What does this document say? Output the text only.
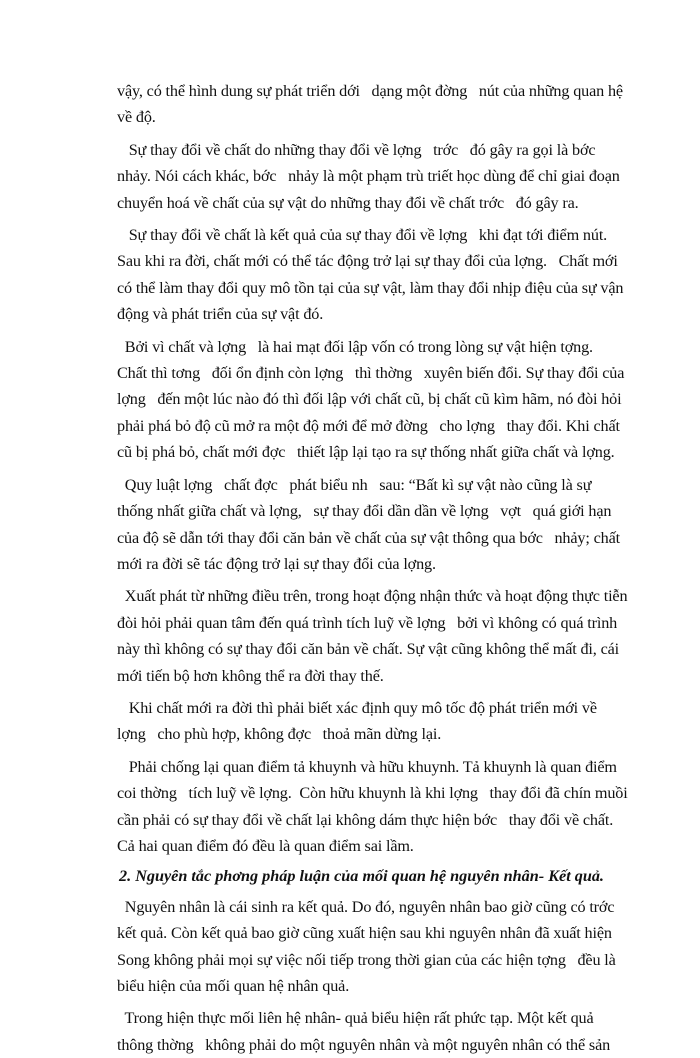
vậy, có thể hình dung sự phát triển dới   dạng một đờng   nút của những quan hệ
về độ.

Sự thay đổi về chất do những thay đổi về lợng   trớc   đó gây ra gọi là bớc
nhảy. Nói cách khác, bớc   nhảy là một phạm trù triết học dùng để chỉ giai đoạn
chuyển hoá về chất của sự vật do những thay đổi về chất trớc   đó gây ra.

Sự thay đổi về chất là kết quả của sự thay đổi về lợng   khi đạt tới điểm nút.
Sau khi ra đời, chất mới có thể tác động trở lại sự thay đổi của lợng.   Chất mới
có thể làm thay đổi quy mô tồn tại của sự vật, làm thay đổi nhịp điệu của sự vận
động và phát triển của sự vật đó.

Bởi vì chất và lợng   là hai mạt đối lập vốn có trong lòng sự vật hiện tợng.
Chất thì tơng   đối ổn định còn lợng   thì thờng   xuyên biến đổi. Sự thay đổi của
lợng   đến một lúc nào đó thì đối lập với chất cũ, bị chất cũ kìm hãm, nó đòi hỏi
phải phá bỏ độ cũ mở ra một độ mới để mở đờng   cho lợng   thay đổi. Khi chất
cũ bị phá bỏ, chất mới đợc   thiết lập lại tạo ra sự thống nhất giữa chất và lợng.

Quy luật lợng   chất đợc   phát biểu nh   sau: “Bất kì sự vật nào cũng là sự
thống nhất giữa chất và lợng,   sự thay đổi dần dần về lợng   vợt   quá giới hạn
của độ sẽ dẫn tới thay đổi căn bản về chất của sự vật thông qua bớc   nhảy; chất
mới ra đời sẽ tác động trở lại sự thay đổi của lợng.

Xuất phát từ những điều trên, trong hoạt động nhận thức và hoạt động thực tiễn
đòi hỏi phải quan tâm đến quá trình tích luỹ về lợng   bởi vì không có quá trình
này thì không có sự thay đổi căn bản về chất. Sự vật cũng không thể mất đi, cái
mới tiến bộ hơn không thể ra đời thay thế.

Khi chất mới ra đời thì phải biết xác định quy mô tốc độ phát triển mới về
lợng   cho phù hợp, không đợc   thoả mãn dừng lại.

Phải chống lại quan điểm tả khuynh và hữu khuynh. Tả khuynh là quan điểm
coi thờng   tích luỹ về lợng.  Còn hữu khuynh là khi lợng   thay đổi đã chín muồi
cần phải có sự thay đổi về chất lại không dám thực hiện bớc   thay đổi về chất.
Cả hai quan điểm đó đều là quan điểm sai lầm.

2. Nguyên tắc phơng pháp luận của mối quan hệ nguyên nhân- Kết quả.

Nguyên nhân là cái sinh ra kết quả. Do đó, nguyên nhân bao giờ cũng có trớc
kết quả. Còn kết quả bao giờ cũng xuất hiện sau khi nguyên nhân đã xuất hiện
Song không phải mọi sự việc nối tiếp trong thời gian của các hiện tợng   đều là
biểu hiện của mối quan hệ nhân quả.

Trong hiện thực mối liên hệ nhân- quả biểu hiện rất phức tạp. Một kết quả
thông thờng   không phải do một nguyên nhân và một nguyên nhân có thể sản
